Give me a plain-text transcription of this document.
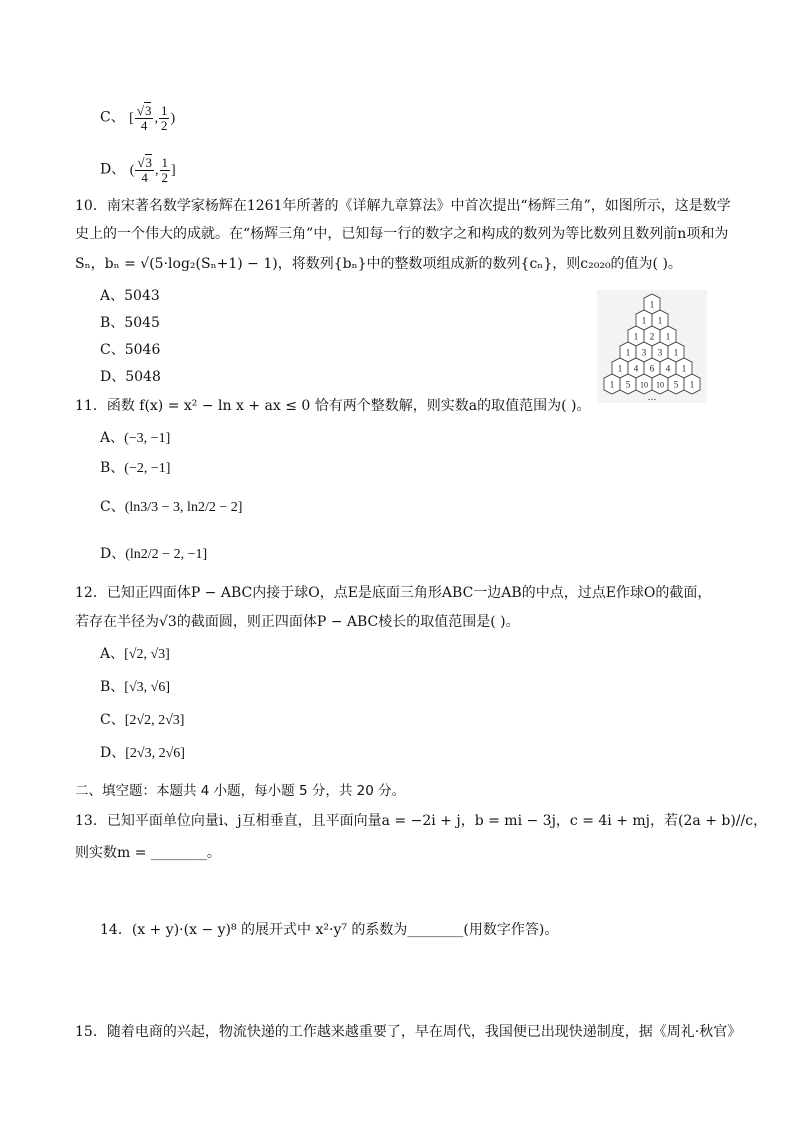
C、 [ $\frac{√3}{4}$ , $\frac{1}{2}$ )
D、 ( $\frac{√3}{4}$ , $\frac{1}{2}$ ]
10．南宋著名数学家杨辉在1261年所著的《详解九章算法》中首次提出“杨辉三角”，如图所示，这是数学
史上的一个伟大的成就。在“杨辉三角”中，已知每一行的数字之和构成的数列为等比数列且数列前n项和为
Sₙ，bₙ = √(5·log₂(Sₙ+1) − 1)，将数列{bₙ}中的整数项组成新的数列{cₙ}，则c₂₀₂₀的值为( )。
A、5043
B、5045
C、5046
D、5048
1
1 1
1 2 1
1 3 3 1
1 4 6 4 1
1 5 10 10 5 1
…
11．函数 f(x) = x² − ln x + ax ≤ 0 恰有两个整数解，则实数a的取值范围为( )。
A、(−3, −1]
B、(−2, −1]
C、(ln3/3 − 3, ln2/2 − 2]
D、(ln2/2 − 2, −1]
12．已知正四面体P − ABC内接于球O，点E是底面三角形ABC一边AB的中点，过点E作球O的截面，
若存在半径为√3的截面圆，则正四面体P − ABC棱长的取值范围是( )。
A、[√2, √3]
B、[√3, √6]
C、[2√2, 2√3]
D、[2√3, 2√6]
二、填空题：本题共 4 小题，每小题 5 分，共 20 分。
13．已知平面单位向量i、j互相垂直，且平面向量a = −2i + j，b = mi − 3j，c = 4i + mj，若(2a + b)//c，
则实数m = ________。
14．(x + y)·(x − y)⁸ 的展开式中 x²·y⁷ 的系数为________(用数字作答)。
15．随着电商的兴起，物流快递的工作越来越重要了，早在周代，我国便已出现快递制度，据《周礼·秋官》
